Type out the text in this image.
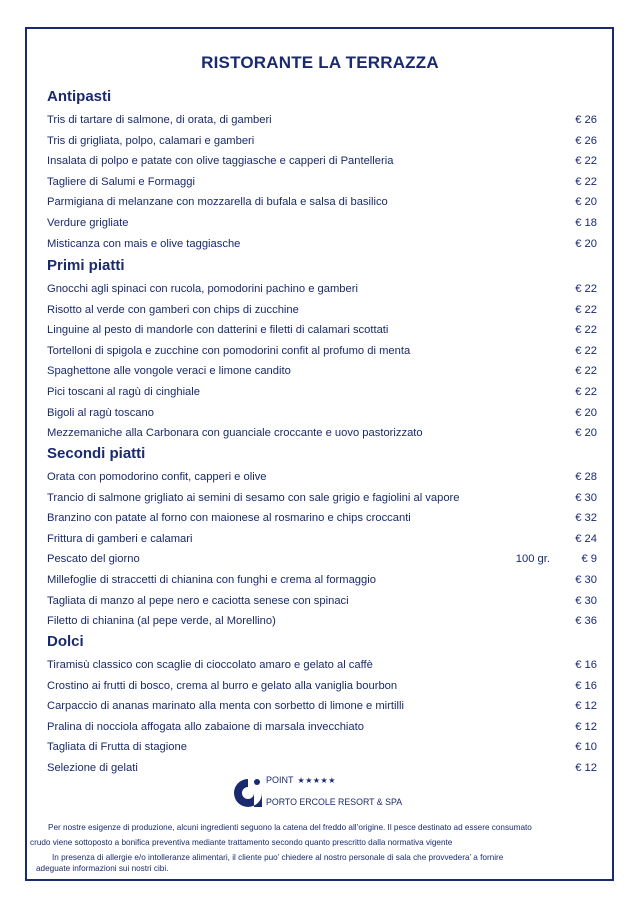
RISTORANTE LA TERRAZZA
Antipasti
Tris di tartare di salmone, di orata, di gamberi	€ 26
Tris di grigliata, polpo, calamari e gamberi	€ 26
Insalata di polpo e patate con olive taggiasche e capperi di Pantelleria	€ 22
Tagliere di Salumi e Formaggi	€ 22
Parmigiana di melanzane con mozzarella di bufala e salsa di basilico	€ 20
Verdure grigliate	€ 18
Misticanza con mais e olive taggiasche	€ 20
Primi piatti
Gnocchi agli spinaci con rucola, pomodorini pachino e gamberi	€ 22
Risotto al verde con gamberi con chips di zucchine	€ 22
Linguine al pesto di mandorle con datterini e filetti di calamari scottati	€ 22
Tortelloni di spigola e zucchine con pomodorini confit al profumo di menta	€ 22
Spaghettone alle vongole veraci e limone candito	€ 22
Pici toscani al ragù di cinghiale	€ 22
Bigoli al ragù toscano	€ 20
Mezzemaniche alla Carbonara con guanciale croccante e uovo pastorizzato	€ 20
Secondi piatti
Orata con pomodorino confit, capperi e olive	€ 28
Trancio di salmone grigliato ai semini di sesamo con sale grigio e fagiolini al vapore	€ 30
Branzino con patate al forno con maionese al rosmarino e chips croccanti	€ 32
Frittura di gamberi e calamari	€ 24
Pescato del giorno	100 gr.	€ 9
Millefoglie di straccetti di chianina con funghi e crema al formaggio	€ 30
Tagliata di manzo al pepe nero e caciotta senese con spinaci	€ 30
Filetto di chianina (al pepe verde, al Morellino)	€ 36
Dolci
Tiramisù classico con scaglie di cioccolato amaro e gelato al caffè	€ 16
Crostino ai frutti di bosco, crema al burro e gelato alla vaniglia bourbon	€ 16
Carpaccio di ananas marinato alla menta con sorbetto di limone e mirtilli	€ 12
Pralina di nocciola affogata allo zabaione di marsala invecchiato	€ 12
Tagliata di Frutta di stagione	€ 10
Selezione di gelati	€ 12
POINT ★★★★★
PORTO ERCOLE RESORT & SPA
Per nostre esigenze di produzione, alcuni ingredienti seguono la catena del freddo all’origine. Il pesce destinato ad essere consumato
crudo viene sottoposto a bonifica preventiva mediante trattamento secondo quanto prescritto dalla normativa vigente
In presenza di allergie e/o intolleranze alimentari, il cliente puo’ chiedere al nostro personale di sala che provvedera’ a fornire
adeguate informazioni sui nostri cibi.
